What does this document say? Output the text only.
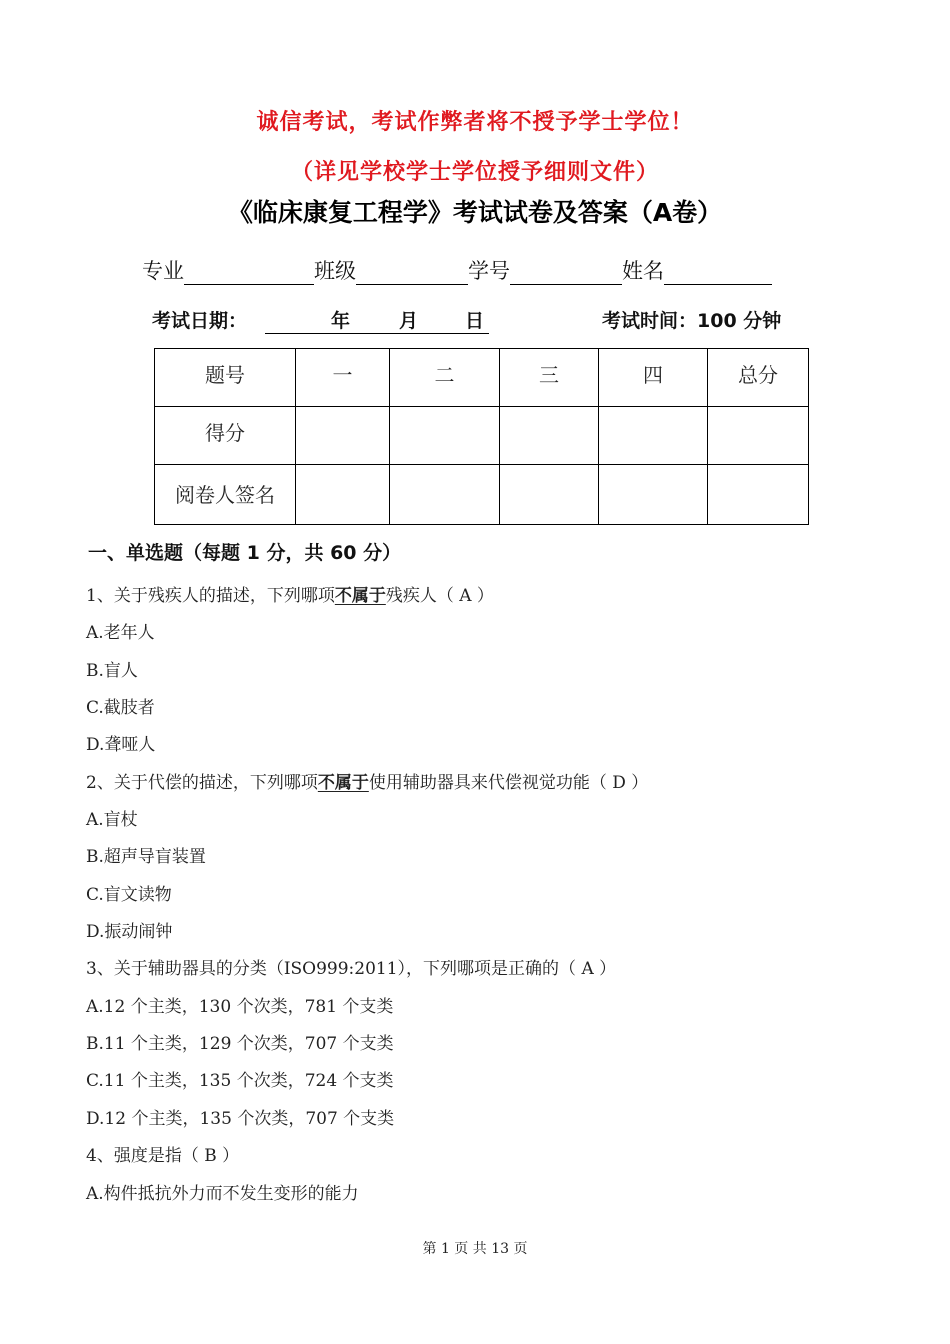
诚信考试，考试作弊者将不授予学士学位！
（详见学校学士学位授予细则文件）
《临床康复工程学》考试试卷及答案（A卷）
专业	班级	学号	姓名
考试日期：	年	月 日	考试时间：100 分钟
题号	一	二	三	四	总分
得分					
阅卷人签名					
一、单选题（每题 1 分，共 60 分）
1、关于残疾人的描述，下列哪项不属于残疾人（ A ）
A.老年人
B.盲人
C.截肢者
D.聋哑人
2、关于代偿的描述，下列哪项不属于使用辅助器具来代偿视觉功能（ D ）
A.盲杖
B.超声导盲装置
C.盲文读物
D.振动闹钟
3、关于辅助器具的分类（ISO999:2011），下列哪项是正确的（ A ）
A.12 个主类，130 个次类，781 个支类
B.11 个主类，129 个次类，707 个支类
C.11 个主类，135 个次类，724 个支类
D.12 个主类，135 个次类，707 个支类
4、强度是指（ B ）
A.构件抵抗外力而不发生变形的能力
第 1 页 共 13 页
